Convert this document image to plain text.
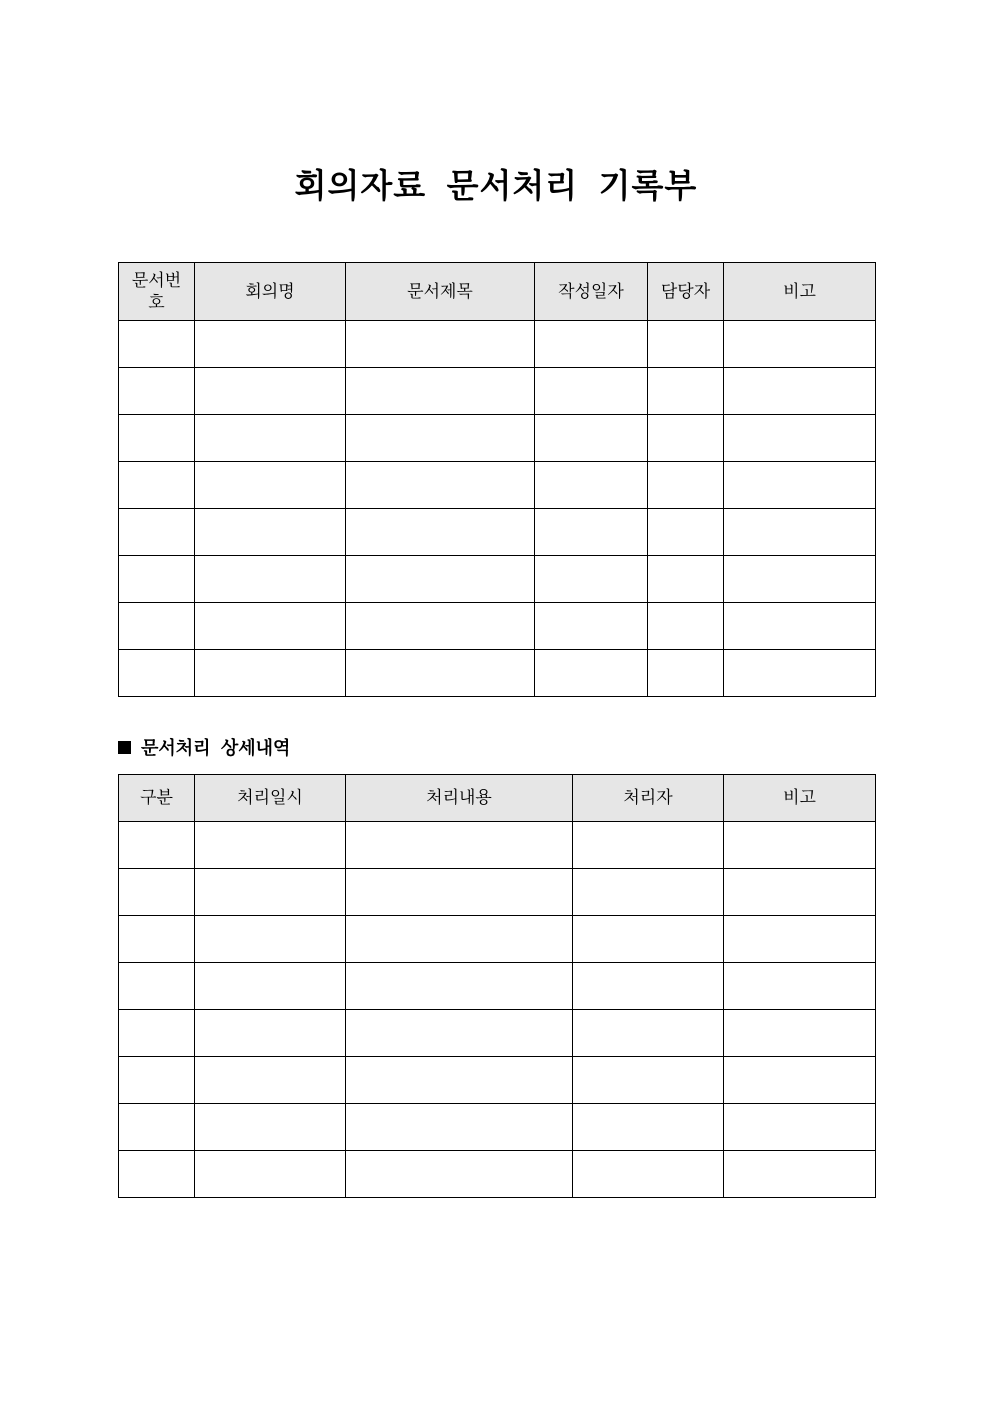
회의자료 문서처리 기록부
문서번호	회의명	문서제목	작성일자	담당자	비고

문서처리 상세내역
구분	처리일시	처리내용	처리자	비고
